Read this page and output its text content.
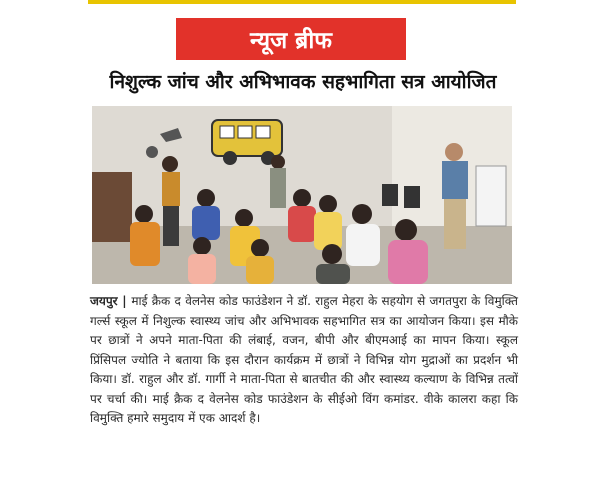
न्यूज ब्रीफ
निशुल्क जांच और अभिभावक सहभागिता सत्र आयोजित

जयपुर | माई क्रैक द वेलनेस कोड फाउंडेशन ने डॉ. राहुल मेहरा के सहयोग से जगतपुरा के विमुक्ति गर्ल्स स्कूल में निशुल्क स्वास्थ्य जांच और अभिभावक सहभागित सत्र का आयोजन किया। इस मौके पर छात्रों ने अपने माता-पिता की लंबाई, वजन, बीपी और बीएमआई का मापन किया। स्कूल प्रिंसिपल ज्योति ने बताया कि इस दौरान कार्यक्रम में छात्रों ने विभिन्न योग मुद्राओं का प्रदर्शन भी किया। डॉ. राहुल और डॉ. गार्गी ने माता-पिता से बातचीत की और स्वास्थ्य कल्याण के विभिन्न तत्वों पर चर्चा की। माई क्रैक द वेलनेस कोड फाउंडेशन के सीईओ विंग कमांडर. वीके कालरा कहा कि विमुक्ति हमारे समुदाय में एक आदर्श है।
